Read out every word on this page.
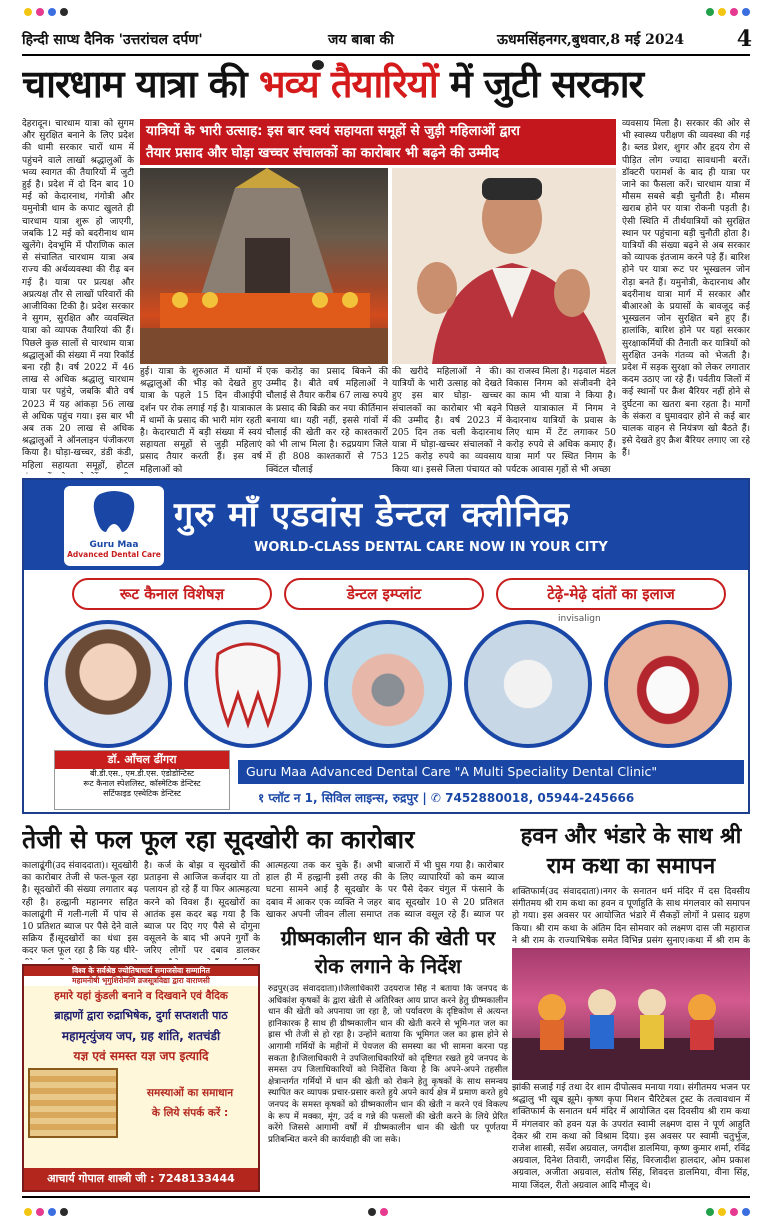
हिन्दी साप्ध दैनिक 'उत्तरांचल दर्पण'	जय बाबा की	ऊधमसिंहनगर,बुधवार,8 मई 2024 4
चारधाम यात्रा की भव्य तैयारियों में जुटी सरकार
देहरादून। चारधाम यात्रा को सुगम और सुरक्षित बनाने के लिए प्रदेश की धामी सरकार चारों धाम में पहुंचने वाले लाखों श्रद्धालुओं के भव्य स्वागत की तैयारियों में जुटी हुई है। प्रदेश में दो दिन बाद 10 मई को केदारनाथ, गंगोत्री और यमुनोत्री धाम के कपाट खुलते ही चारधाम यात्रा शुरू हो जाएगी, जबकि 12 मई को बदरीनाथ धाम खुलेंगे। देवभूमि में पौराणिक काल से संचालित चारधाम यात्रा अब राज्य की अर्थव्यवस्था की रीढ़ बन गई है। यात्रा पर प्रत्यक्ष और अप्रत्यक्ष तौर से लाखों परिवारों की आजीविका टिकी है। प्रदेश सरकार ने सुगम, सुरक्षित और व्यवस्थित यात्रा को व्यापक तैयारियां की हैं। पिछले कुछ सालों से चारधाम यात्रा श्रद्धालुओं की संख्या में नया रिकॉर्ड बना रही है। वर्ष 2022 में 46 लाख से अधिक श्रद्धालु चारधाम यात्रा पर पहुंचे, जबकि बीते वर्ष 2023 में यह आंकड़ा 56 लाख से अधिक पहुंच गया। इस बार भी अब तक 20 लाख से अधिक श्रद्धालुओं ने ऑनलाइन पंजीकरण किया है। घोड़ा-खच्चर, डंडी कंडी, महिला सहायता समूहों, होटल
यात्रियों के भारी उत्साह: इस बार स्वयं सहायता समूहों से जुड़ी महिलाओं द्वारा
तैयार प्रसाद और घोड़ा खच्चर संचालकों का कारोबार भी बढ़ने की उम्मीद
हुई। यात्रा के शुरुआत में धामों में श्रद्धालुओं की भीड़ को देखते हुए यात्रा के पहले 15 दिन वीआईपी दर्शन पर रोक लगाई गई है। यात्राकाल में धामों के प्रसाद की भारी मांग रहती है। केदारघाटी में बड़ी संख्या में स्वयं सहायता समूहों से जुड़ी महिलाएं प्रसाद तैयार करती हैं। इस वर्ष महिलाओं को
एक करोड़ का प्रसाद बिकने की उम्मीद है। बीते वर्ष महिलाओं ने चौलाई से तैयार करीब 67 लाख रुपये के प्रसाद की बिक्री कर नया कीर्तिमान बनाया था। यही नहीं, इससे गांवों में चौलाई की खेती कर रहे काश्तकारों को भी लाभ मिला है। रुद्रप्रयाग जिले में ही 808 काश्तकारों से 753 क्विंटल चौलाई
की खरीदे महिलाओं ने की। यात्रियों के भारी उत्साह को देखते हुए इस बार घोड़ा- खच्चर संचालकों का कारोबार भी बढ़ने की उम्मीद है। वर्ष 2023 में 205 दिन तक चली केदारनाथ यात्रा में घोड़ा-खच्चर संचालकों ने 125 करोड़ रुपये का व्यवसाय किया था। इससे जिला पंचायत को
का राजस्व मिला है। गढ़वाल मंडल विकास निगम को संजीवनी देने का काम भी यात्रा ने किया है। पिछले यात्राकाल में निगम ने केदारनाथ यात्रियों के प्रवास के लिए धाम में टेंट लगाकर 50 करोड़ रुपये से अधिक कमाए हैं। यात्रा मार्ग पर स्थित निगम के पर्यटक आवास गृहों से भी अच्छा
व्यवसाय मिला है। सरकार की ओर से भी स्वास्थ्य परीक्षण की व्यवस्था की गई है। ब्लड प्रेशर, शुगर और हृदय रोग से पीड़ित लोग ज्यादा सावधानी बरतें। डॉक्टरी परामर्श के बाद ही यात्रा पर जाने का फैसला करें। चारधाम यात्रा में मौसम सबसे बड़ी चुनौती है। मौसम खराब होने पर यात्रा रोकनी पड़ती है। ऐसी स्थिति में तीर्थयात्रियों को सुरक्षित स्थान पर पहुंचाना बड़ी चुनौती होता है। यात्रियों की संख्या बढ़ने से अब सरकार को व्यापक इंतजाम करने पड़े हैं। बारिश होने पर यात्रा रूट पर भूस्खलन जोन रोड़ा बनते हैं। यमुनोत्री, केदारनाथ और बदरीनाथ यात्रा मार्ग में सरकार और बीआरओ के प्रयासों के बावजूद कई भूस्खलन जोन सुरक्षित बने हुए हैं। हालांकि, बारिश होने पर यहां सरकार सुरक्षाकर्मियों की तैनाती कर यात्रियों को सुरक्षित उनके गंतव्य को भेजती है। प्रदेश में सड़क सुरक्षा को लेकर लगातार कदम उठाए जा रहे हैं। पर्वतीय जिलों में कई स्थानों पर क्रैश बैरियर नहीं होने से दुर्घटना का खतरा बना रहता है। मार्गों के संकरा व घुमावदार होने से कई बार चालक वाहन से नियंत्रण खो बैठते हैं। इसे देखते हुए क्रैश बैरियर लगाए जा रहे हैं।
Guru Maa
Advanced Dental Care
गुरु माँ एडवांस डेन्टल क्लीनिक
WORLD-CLASS DENTAL CARE NOW IN YOUR CITY
रूट कैनाल विशेषज्ञ	डेन्टल इम्प्लांट	टेढ़े-मेढ़े दांतों का इलाज
invisalign
डॉ. आँचल ढींगरा
बी.डी.एस., एम.डी.एस. एंडोडोन्टिस्ट
रूट कैनाल स्पेशलिस्ट, कॉस्मेटिक डेन्टिस्ट
सर्टिफाइड एस्थेटिक डेन्टिस्ट
Guru Maa Advanced Dental Care "A Multi Speciality Dental Clinic"
१ प्लॉट न 1, सिविल लाइन्स, रुद्रपुर | ✆ 7452880018, 05944-245666
तेजी से फल फूल रहा सूदखोरी का कारोबार
कालाढूंगी(उद संवाददाता)। सूदखोरी का कारोबार तेजी से फल-फूल रहा है। सूदखोरों की संख्या लगातार बढ़ रही है। हल्द्वानी महानगर सहित कालाढूंगी में गली-गली में पांच से 10 प्रतिशत ब्याज पर पैसे देने वाले सक्रिय हैं।सूदखोरों का धंधा इस कदर फल फूल रहा है कि यह धीरे-
है। कर्ज के बोझ व सूदखोरों की प्रताड़ना से आजिज कर्जदार या तो पलायन हो रहे हैं या फिर आत्महत्या करने को विवश हैं। सूदखोरों का आतंक इस कदर बढ़ गया है कि ब्याज पर दिए गए पैसे से दोगुना वसूलने के बाद भी अपने गुर्गों के जरिए लोगों पर दबाव डालकर
आत्महत्या तक कर चुके हैं। अभी हाल ही में हल्द्वानी इसी तरह की घटना सामने आई है सूदखोर के दबाव में आकर एक व्यक्ति ने जहर खाकर अपनी जीवन लीला समाप्त
बाजारों में भी घुस गया है। कारोबार के लिए व्यापारियों को कम ब्याज पर पैसे देकर चंगुल में फंसाने के बाद सूदखोर 10 से 20 प्रतिशत तक ब्याज वसूल रहे हैं। ब्याज पर
विश्व के सर्वश्रेष्ठ ज्योतिषाचार्य समाजसेवा सम्मानित
महामनीषी भृगुशिरोमणि व्रजसूत्रविद्या द्वारा वाराणसी
हमारे यहां कुंडली बनाने व दिखवाने एवं वैदिक
ब्राह्मणों द्वारा रुद्राभिषेक, दुर्गा सप्तशती पाठ
महामृत्युंजय जप, ग्रह शांति, शतचंडी
यज्ञ एवं समस्त यज्ञ जप इत्यादि
समस्याओं का समाधान
के लिये संपर्क करें :
आचार्य गोपाल शास्त्री जी : 7248133444
ग्रीष्मकालीन धान की खेती पर रोक लगाने के निर्देश
रुद्रपुर(उद संवाददाता)।जिलाधिकारी उदयराज सिंह ने बताया कि जनपद के अधिकांश कृषकों के द्वारा खेती से अतिरिक्त आय प्राप्त करने हेतु ग्रीष्मकालीन धान की खेती को अपनाया जा रहा है, जो पर्यावरण के दृष्टिकोण से अत्यन्त हानिकारक है साथ ही ग्रीष्मकालीन धान की खेती करने से भूमि-गत जल का ह्रास भी तेजी से हो रहा है। उन्होंने बताया कि भूमिगत जल का ह्रास होने से आगामी गर्मियों के महीनों में पेयजल की समस्या का भी सामना करना पड़ सकता है।जिलाधिकारी ने उपजिलाधिकारियों को दृष्टिगत रखते हुये जनपद के समस्त उप जिलाधिकारियों को निर्देशित किया है कि अपने-अपने तहसील क्षेत्रान्तर्गत गर्मियों में धान की खेती को रोकने हेतु कृषकों के साथ समन्वय स्थापित कर व्यापक प्रचार-प्रसार करते हुये अपने कार्य क्षेत्र में प्रमाण करते हुये जनपद के समस्त कृषकों को ग्रीष्मकालीन धान की खेती न करने एवं विकल्प के रूप में मक्का, मूंग, उर्द व गन्ने की फसलों की खेती करने के लिये प्रेरित करेंगे जिससे आगामी वर्षों में ग्रीष्मकालीन धान की खेती पर पूर्णतया प्रतिबन्धित करने की कार्यवाही की जा सके।
हवन और भंडारे के साथ श्री राम कथा का समापन
शक्तिफार्म(उद संवाददाता)।नगर के सनातन धर्म मंदिर में दस दिवसीय संगीतमय श्री राम कथा का हवन व पूर्णाहुति के साथ मंगलवार को समापन हो गया। इस अवसर पर आयोजित भंडारे में सैकड़ों लोगों ने प्रसाद ग्रहण किया। श्री राम कथा के अंतिम दिन सोमवार को लक्ष्मण दास जी महाराज ने श्री राम के राज्याभिषेक समेत विभिन्न प्रसंग सुनाए।कथा में श्री राम के
झांकी सजाई गई तथा देर शाम दीपोत्सव मनाया गया। संगीतमय भजन पर श्रद्धालु भी खूब झूमे। कृष्ण कृपा मिशन चैरिटेबल ट्रस्ट के तत्वावधान में शक्तिफार्म के सनातन धर्म मंदिर में आयोजित दस दिवसीय श्री राम कथा में मंगलवार को हवन यज्ञ के उपरांत स्वामी लक्ष्मण दास ने पूर्ण आहुति देकर श्री राम कथा को विश्राम दिया। इस अवसर पर स्वामी चतुर्भुज, राजेश शास्त्री, सर्वेश अग्रवाल, जगदीश डालमिया, कृष्ण कुमार शर्मा, रविंद्र अग्रवाल, दिनेश तिवारी, जगदीश सिंह, विरजादीश हालदार, ओम प्रकाश अग्रवाल, अजीता अग्रवाल, संतोष सिंह, शिवदत्त डालमिया, वीना सिंह, माया जिंदल, रीतो अग्रवाल आदि मौजूद थे।
